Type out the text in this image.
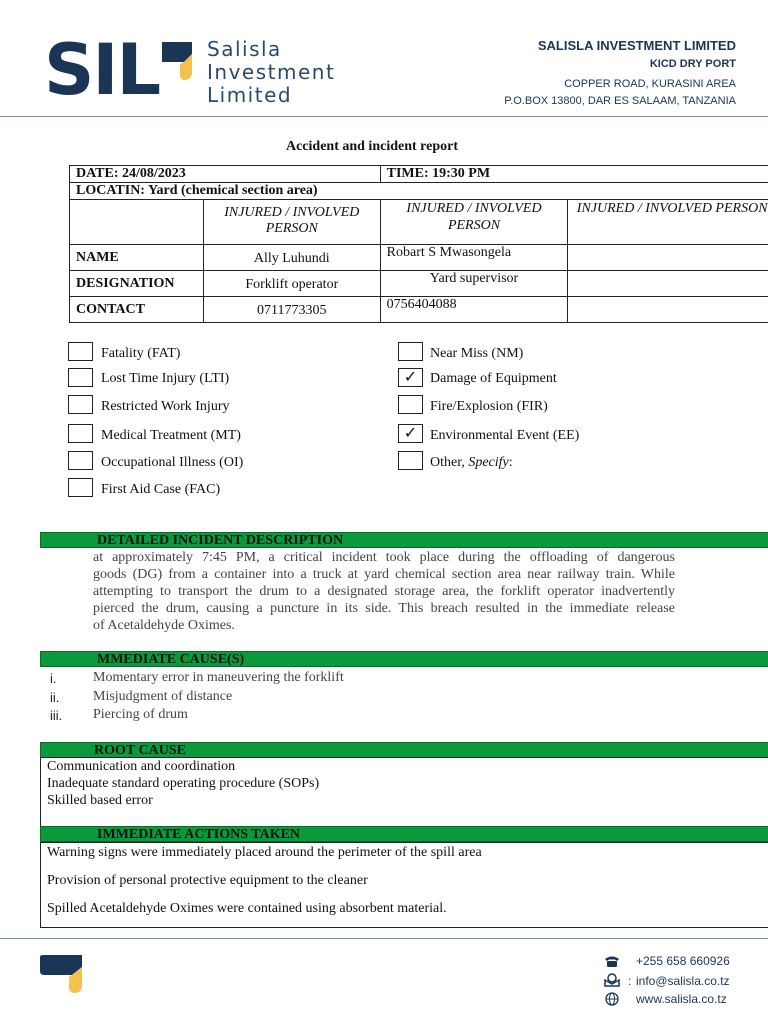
SIL Salisla
Investment
Limited
SALISLA INVESTMENT LIMITED
KICD DRY PORT
COPPER ROAD, KURASINI AREA
P.O.BOX 13800, DAR ES SALAAM, TANZANIA
Accident and incident report
DATE: 24/08/2023		TIME: 19:30 PM	
LOCATIN: Yard (chemical section area)			
	INJURED / INVOLVED PERSON	INJURED / INVOLVED PERSON	INJURED / INVOLVED PERSON
NAME	Ally Luhundi	Robart S Mwasongela	
DESIGNATION	Forklift operator	Yard supervisor	
CONTACT	0711773305	0756404088	
Fatality (FAT)
Lost Time Injury (LTI)
Restricted Work Injury
Medical Treatment (MT)
Occupational Illness (OI)
First Aid Case (FAC)
Near Miss (NM)
✓ Damage of Equipment
Fire/Explosion (FIR)
✓ Environmental Event (EE)
Other, Specify:
DETAILED INCIDENT DESCRIPTION
at approximately 7:45 PM, a critical incident took place during the offloading of dangerous
goods (DG) from a container into a truck at yard chemical section area near railway train. While
attempting to transport the drum to a designated storage area, the forklift operator inadvertently
pierced the drum, causing a puncture in its side. This breach resulted in the immediate release
of Acetaldehyde Oximes.
MMEDIATE CAUSE(S)
i.	Momentary error in maneuvering the forklift
ii. Misjudgment of distance
iii. Piercing of drum
ROOT CAUSE
Communication and coordination
Inadequate standard operating procedure (SOPs)
Skilled based error
IMMEDIATE ACTIONS TAKEN
Warning signs were immediately placed around the perimeter of the spill area
Provision of personal protective equipment to the cleaner
Spilled Acetaldehyde Oximes were contained using absorbent material.
+255 658 660926
: info@salisla.co.tz
www.salisla.co.tz
